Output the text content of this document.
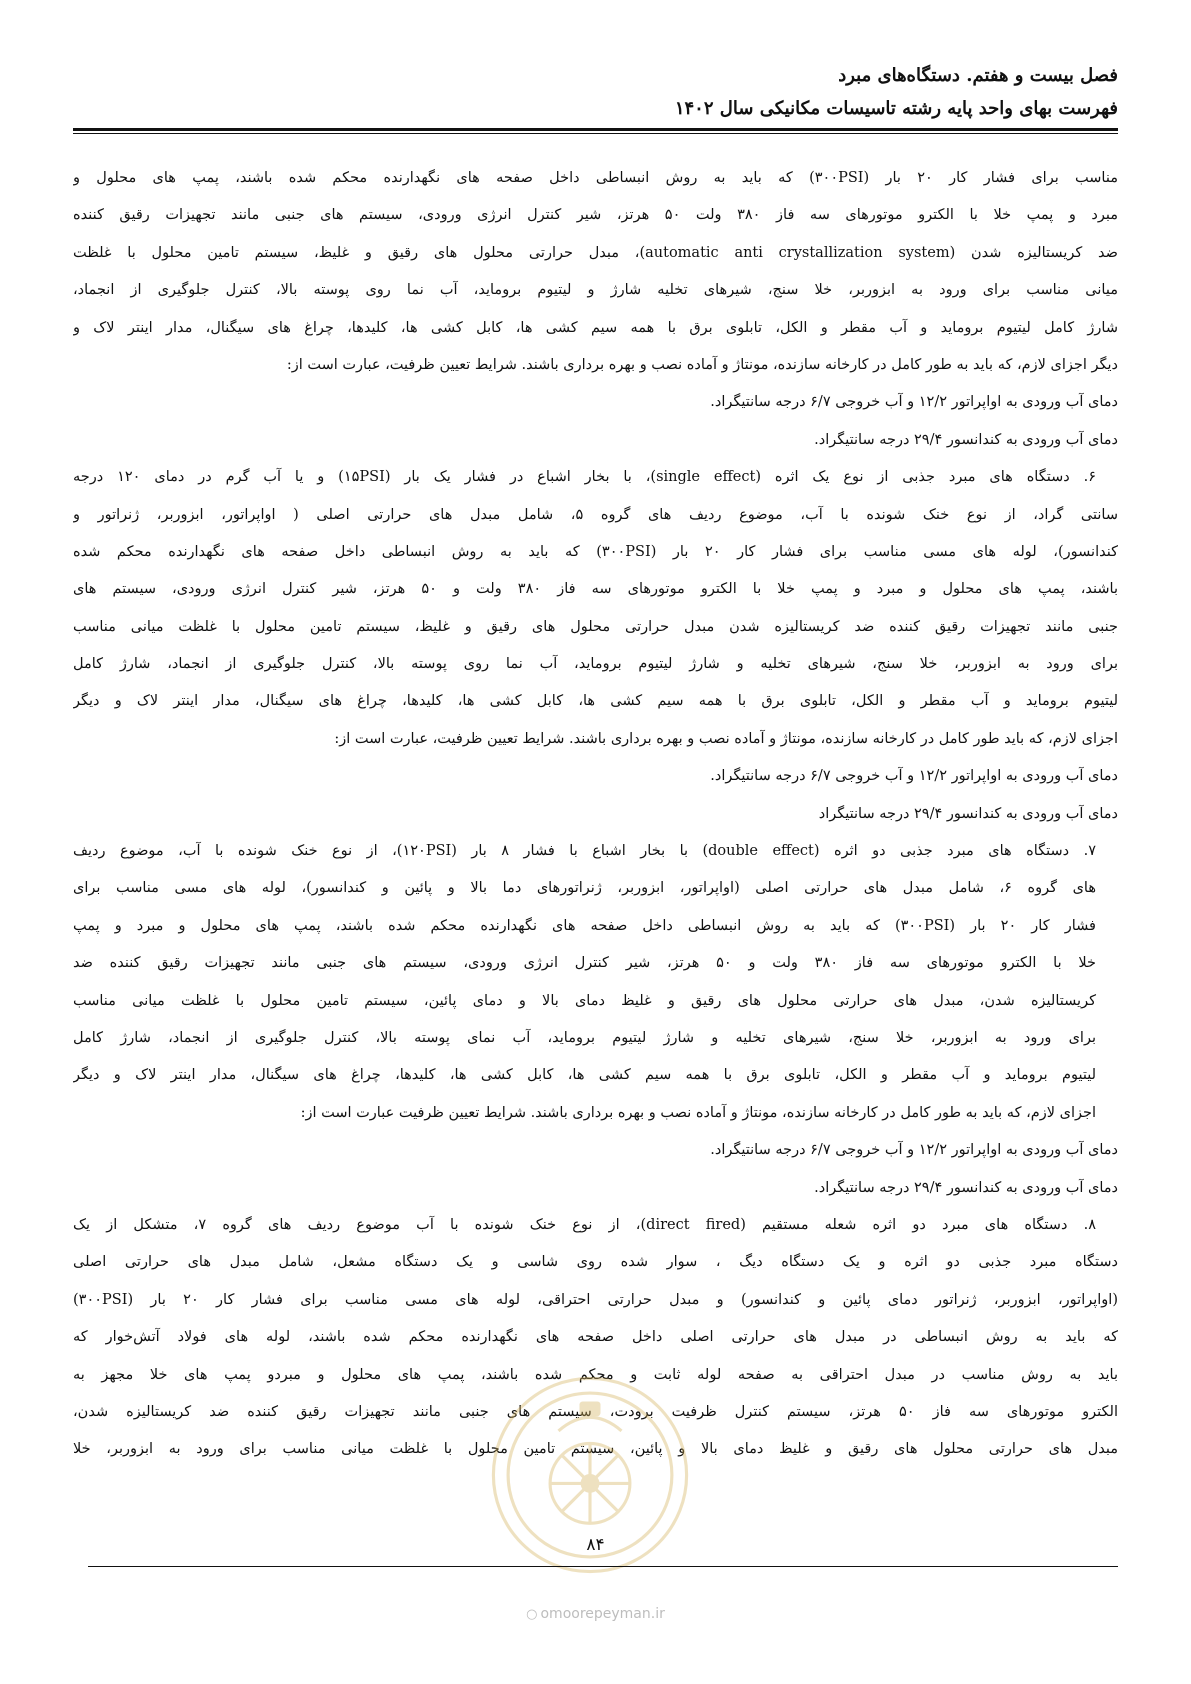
فصل بیست و هفتم. دستگاه‌های مبرد
فهرست بهای واحد پایه رشته تاسیسات مکانیکی سال ۱۴۰۲
مناسب برای فشار کار ۲۰ بار (۳۰۰PSI) که باید به روش انبساطی داخل صفحه های نگهدارنده محکم شده باشند، پمپ های محلول و
مبرد و پمپ خلا با الکترو موتورهای سه فاز ۳۸۰ ولت ۵۰ هرتز، شیر کنترل انرژی ورودی، سیستم های جنبی مانند تجهیزات رقیق کننده
ضد کریستالیزه شدن (automatic anti crystallization system)، مبدل حرارتی محلول های رقیق و غلیظ، سیستم تامین محلول با غلظت
میانی مناسب برای ورود به ابزوربر، خلا سنج، شیرهای تخلیه شارژ و لیتیوم بروماید، آب نما روی پوسته بالا، کنترل جلوگیری از انجماد،
شارژ کامل لیتیوم بروماید و آب مقطر و الکل، تابلوی برق با همه سیم کشی ها، کابل کشی ها، کلیدها، چراغ های سیگنال، مدار اینتر لاک و
دیگر اجزای لازم، که باید به طور کامل در کارخانه سازنده، مونتاژ و آماده نصب و بهره برداری باشند. شرایط تعیین ظرفیت، عبارت است از:
دمای آب ورودی به اواپراتور ۱۲/۲ و آب خروجی ۶/۷ درجه سانتیگراد.
دمای آب ورودی به کندانسور ۲۹/۴ درجه سانتیگراد.
۶. دستگاه های مبرد جذبی از نوع یک اثره (single effect)، با بخار اشباع در فشار یک بار (۱۵PSI) و یا آب گرم در دمای ۱۲۰ درجه
سانتی گراد، از نوع خنک شونده با آب، موضوع ردیف های گروه ۵، شامل مبدل های حرارتی اصلی ( اواپراتور، ابزوربر، ژنراتور و
کندانسور)، لوله های مسی مناسب برای فشار کار ۲۰ بار (۳۰۰PSI) که باید به روش انبساطی داخل صفحه های نگهدارنده محکم شده
باشند، پمپ های محلول و مبرد و پمپ خلا با الکترو موتورهای سه فاز ۳۸۰ ولت و ۵۰ هرتز، شیر کنترل انرژی ورودی، سیستم های
جنبی مانند تجهیزات رقیق کننده ضد کریستالیزه شدن مبدل حرارتی محلول های رقیق و غلیظ، سیستم تامین محلول با غلظت میانی مناسب
برای ورود به ابزوربر، خلا سنج، شیرهای تخلیه و شارژ لیتیوم بروماید، آب نما روی پوسته بالا، کنترل جلوگیری از انجماد، شارژ کامل
لیتیوم بروماید و آب مقطر و الکل، تابلوی برق با همه سیم کشی ها، کابل کشی ها، کلیدها، چراغ های سیگنال، مدار اینتر لاک و دیگر
اجزای لازم، که باید طور کامل در کارخانه سازنده، مونتاژ و آماده نصب و بهره برداری باشند. شرایط تعیین ظرفیت، عبارت است از:
دمای آب ورودی به اواپراتور ۱۲/۲ و آب خروجی ۶/۷ درجه سانتیگراد.
دمای آب ورودی به کندانسور ۲۹/۴ درجه سانتیگراد
۷. دستگاه های مبرد جذبی دو اثره (double effect) با بخار اشباع با فشار ۸ بار (۱۲۰PSI)، از نوع خنک شونده با آب، موضوع ردیف
های گروه ۶، شامل مبدل های حرارتی اصلی (اواپراتور، ابزوربر، ژنراتورهای دما بالا و پائین و کندانسور)، لوله های مسی مناسب برای
فشار کار ۲۰ بار (۳۰۰PSI) که باید به روش انبساطی داخل صفحه های نگهدارنده محکم شده باشند، پمپ های محلول و مبرد و پمپ
خلا با الکترو موتورهای سه فاز ۳۸۰ ولت و ۵۰ هرتز، شیر کنترل انرژی ورودی، سیستم های جنبی مانند تجهیزات رقیق کننده ضد
کریستالیزه شدن، مبدل های حرارتی محلول های رقیق و غلیظ دمای بالا و دمای پائین، سیستم تامین محلول با غلظت میانی مناسب
برای ورود به ابزوربر، خلا سنج، شیرهای تخلیه و شارژ لیتیوم بروماید، آب نمای پوسته بالا، کنترل جلوگیری از انجماد، شارژ کامل
لیتیوم بروماید و آب مقطر و الکل، تابلوی برق با همه سیم کشی ها، کابل کشی ها، کلیدها، چراغ های سیگنال، مدار اینتر لاک و دیگر
اجزای لازم، که باید به طور کامل در کارخانه سازنده، مونتاژ و آماده نصب و بهره برداری باشند. شرایط تعیین ظرفیت عبارت است از:
دمای آب ورودی به اواپراتور ۱۲/۲ و آب خروجی ۶/۷ درجه سانتیگراد.
دمای آب ورودی به کندانسور ۲۹/۴ درجه سانتیگراد.
۸. دستگاه های مبرد دو اثره شعله مستقیم (direct fired)، از نوع خنک شونده با آب موضوع ردیف های گروه ۷، متشکل از یک
دستگاه مبرد جذبی دو اثره و یک دستگاه دیگ ، سوار شده روی شاسی و یک دستگاه مشعل، شامل مبدل های حرارتی اصلی
(اواپراتور، ابزوربر، ژنراتور دمای پائین و کندانسور) و مبدل حرارتی احتراقی، لوله های مسی مناسب برای فشار کار ۲۰ بار (۳۰۰PSI)
که باید به روش انبساطی در مبدل های حرارتی اصلی داخل صفحه های نگهدارنده محکم شده باشند، لوله های فولاد آتش‌خوار که
باید به روش مناسب در مبدل احتراقی به صفحه لوله ثابت و محکم شده باشند، پمپ های محلول و مبردو پمپ های خلا مجهز به
الکترو موتورهای سه فاز ۵۰ هرتز، سیستم کنترل ظرفیت برودت، سیستم های جنبی مانند تجهیزات رقیق کننده ضد کریستالیزه شدن،
مبدل های حرارتی محلول های رقیق و غلیظ دمای بالا و پائین، سیستم تامین محلول با غلظت میانی مناسب برای ورود به ابزوربر، خلا
۸۴
○ omoorepeyman.ir
